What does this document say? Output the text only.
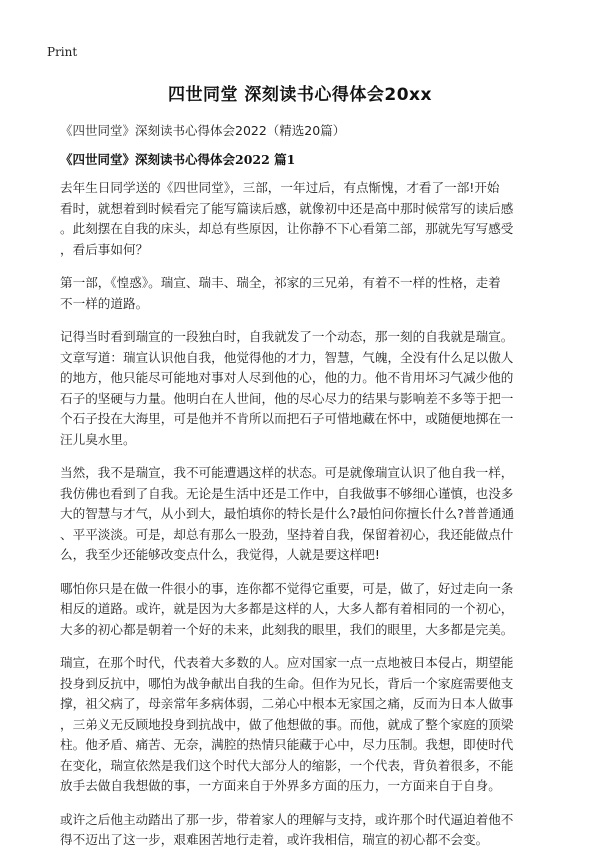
Print
四世同堂 深刻读书心得体会20xx
《四世同堂》深刻读书心得体会2022（精选20篇）
《四世同堂》深刻读书心得体会2022 篇1
去年生日同学送的《四世同堂》，三部，一年过后，有点惭愧，才看了一部!开始
看时，就想着到时候看完了能写篇读后感，就像初中还是高中那时候常写的读后感
。此刻摆在自我的床头，却总有些原因，让你静不下心看第二部，那就先写写感受
，看后事如何？
第一部，《惶惑》。瑞宣、瑞丰、瑞全，祁家的三兄弟，有着不一样的性格，走着
不一样的道路。
记得当时看到瑞宣的一段独白时，自我就发了一个动态，那一刻的自我就是瑞宣。
文章写道：瑞宣认识他自我，他觉得他的才力，智慧，气魄，全没有什么足以傲人
的地方，他只能尽可能地对事对人尽到他的心，他的力。他不肯用坏习气减少他的
石子的坚硬与力量。他明白在人世间，他的尽心尽力的结果与影响差不多等于把一
个石子投在大海里，可是他并不肯所以而把石子可惜地藏在怀中，或随便地掷在一
汪儿臭水里。
当然，我不是瑞宣，我不可能遭遇这样的状态。可是就像瑞宣认识了他自我一样，
我仿佛也看到了自我。无论是生活中还是工作中，自我做事不够细心谨慎，也没多
大的智慧与才气，从小到大，最怕填你的特长是什么?最怕问你擅长什么?普普通通
、平平淡淡。可是，却总有那么一股劲，坚持着自我，保留着初心，我还能做点什
么，我至少还能够改变点什么，我觉得，人就是要这样吧!
哪怕你只是在做一件很小的事，连你都不觉得它重要，可是，做了，好过走向一条
相反的道路。或许，就是因为大多都是这样的人，大多人都有着相同的一个初心，
大多的初心都是朝着一个好的未来，此刻我的眼里，我们的眼里，大多都是完美。
瑞宣，在那个时代，代表着大多数的人。应对国家一点一点地被日本侵占，期望能
投身到反抗中，哪怕为战争献出自我的生命。但作为兄长，背后一个家庭需要他支
撑，祖父病了，母亲常年多病体弱，二弟心中根本无家国之痛，反而为日本人做事
，三弟义无反顾地投身到抗战中，做了他想做的事。而他，就成了整个家庭的顶梁
柱。他矛盾、痛苦、无奈，满腔的热情只能藏于心中，尽力压制。我想，即使时代
在变化，瑞宣依然是我们这个时代大部分人的缩影，一个代表，背负着很多，不能
放手去做自我想做的事，一方面来自于外界多方面的压力，一方面来自于自身。
或许之后他主动踏出了那一步，带着家人的理解与支持，或许那个时代逼迫着他不
得不迈出了这一步，艰难困苦地行走着，或许我相信，瑞宣的初心都不会变。
